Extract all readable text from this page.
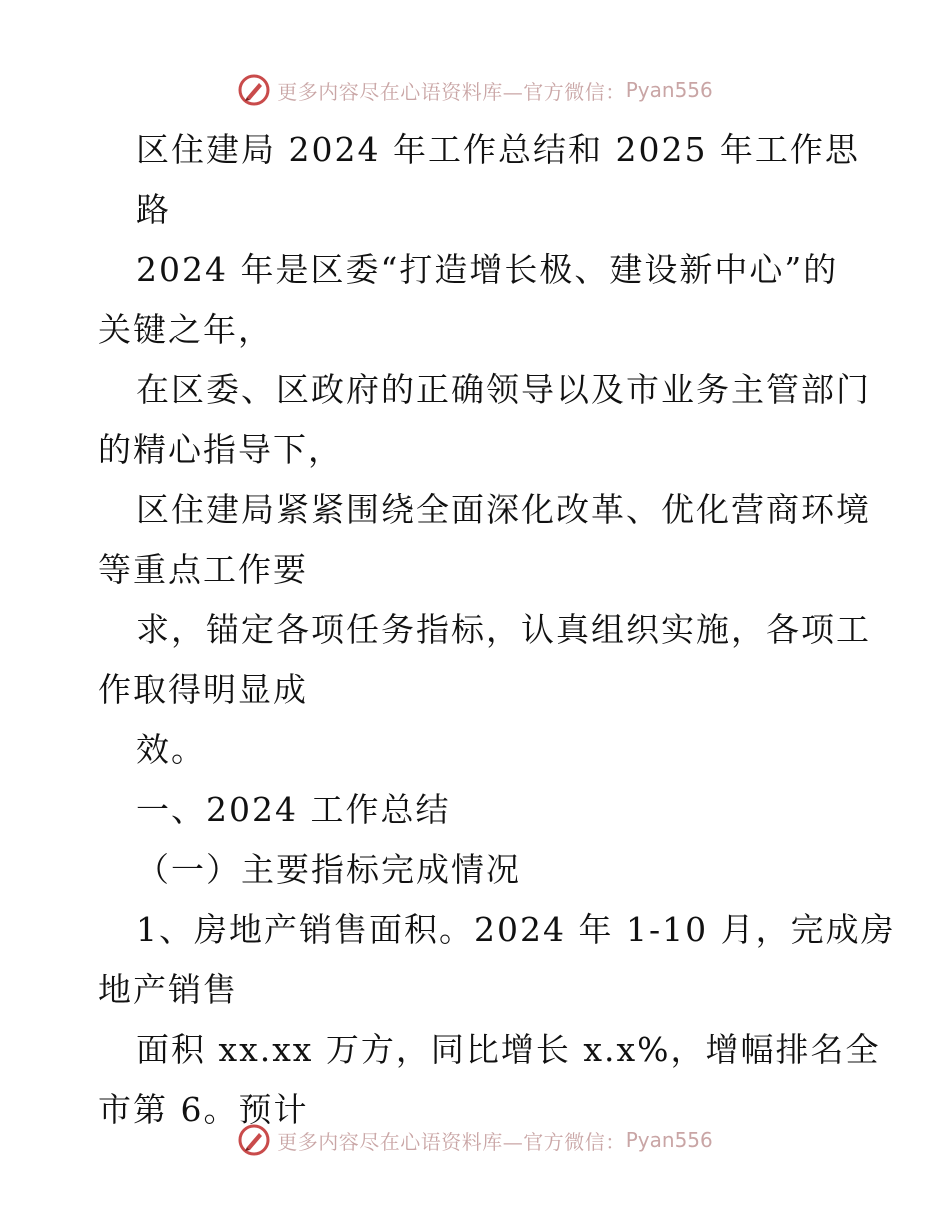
更多内容尽在心语资料库—官方微信： Pyan556
区住建局 2024 年工作总结和 2025 年工作思
路
2024 年是区委“打造增长极、建设新中心”的
关键之年，
在区委、区政府的正确领导以及市业务主管部门
的精心指导下，
区住建局紧紧围绕全面深化改革、优化营商环境
等重点工作要
求，锚定各项任务指标，认真组织实施，各项工
作取得明显成
效。
一、2024 工作总结
（一）主要指标完成情况
1、房地产销售面积。2024 年 1-10 月，完成房
地产销售
面积 xx.xx 万方，同比增长 x.x%，增幅排名全
市第 6。预计
更多内容尽在心语资料库—官方微信： Pyan556
